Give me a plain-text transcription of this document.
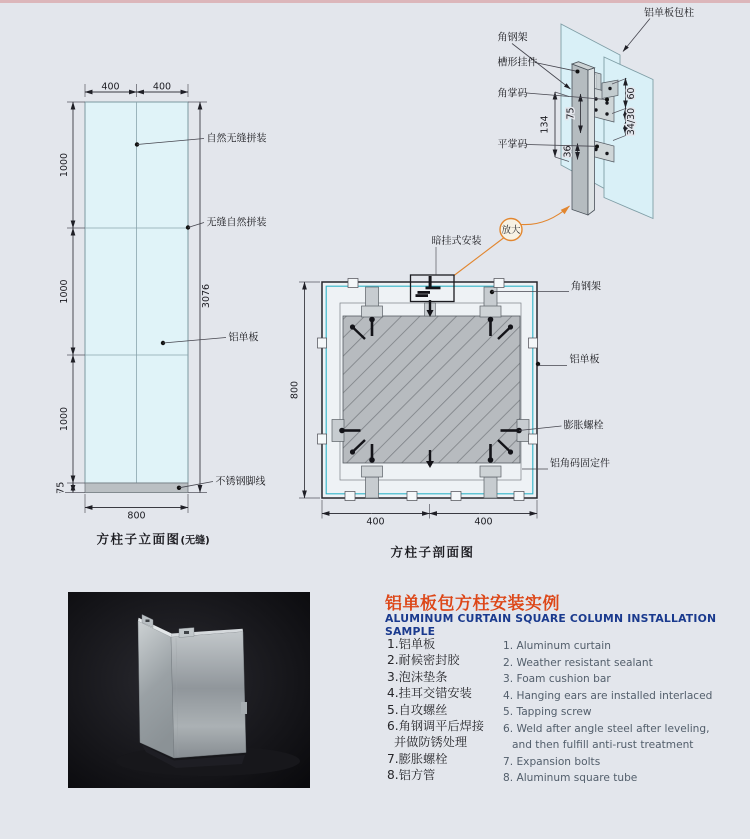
400	400
1000
1000
1000
75
3076
800
自然无缝拼装
无缝自然拼装
铝单板
不锈钢脚线
方柱子立面图(无缝)
134
75
36
60
34/30
铝单板包柱
角钢架
槽形挂件
角掌码
平掌码
放大
暗挂式安装
800
400	400
角钢架
铝单板
膨胀螺栓
铝角码固定件
方柱子剖面图
铝单板包方柱安装实例
ALUMINUM CURTAIN SQUARE COLUMN INSTALLATION SAMPLE
1.铝单板
2.耐候密封胶
3.泡沫垫条
4.挂耳交错安装
5.自攻螺丝
6.角钢调平后焊接
并做防锈处理
7.膨胀螺栓
8.铝方管
1. Aluminum curtain
2. Weather resistant sealant
3. Foam cushion bar
4. Hanging ears are installed interlaced
5. Tapping screw
6. Weld after angle steel after leveling,
and then fulfill anti-rust treatment
7. Expansion bolts
8. Aluminum square tube
